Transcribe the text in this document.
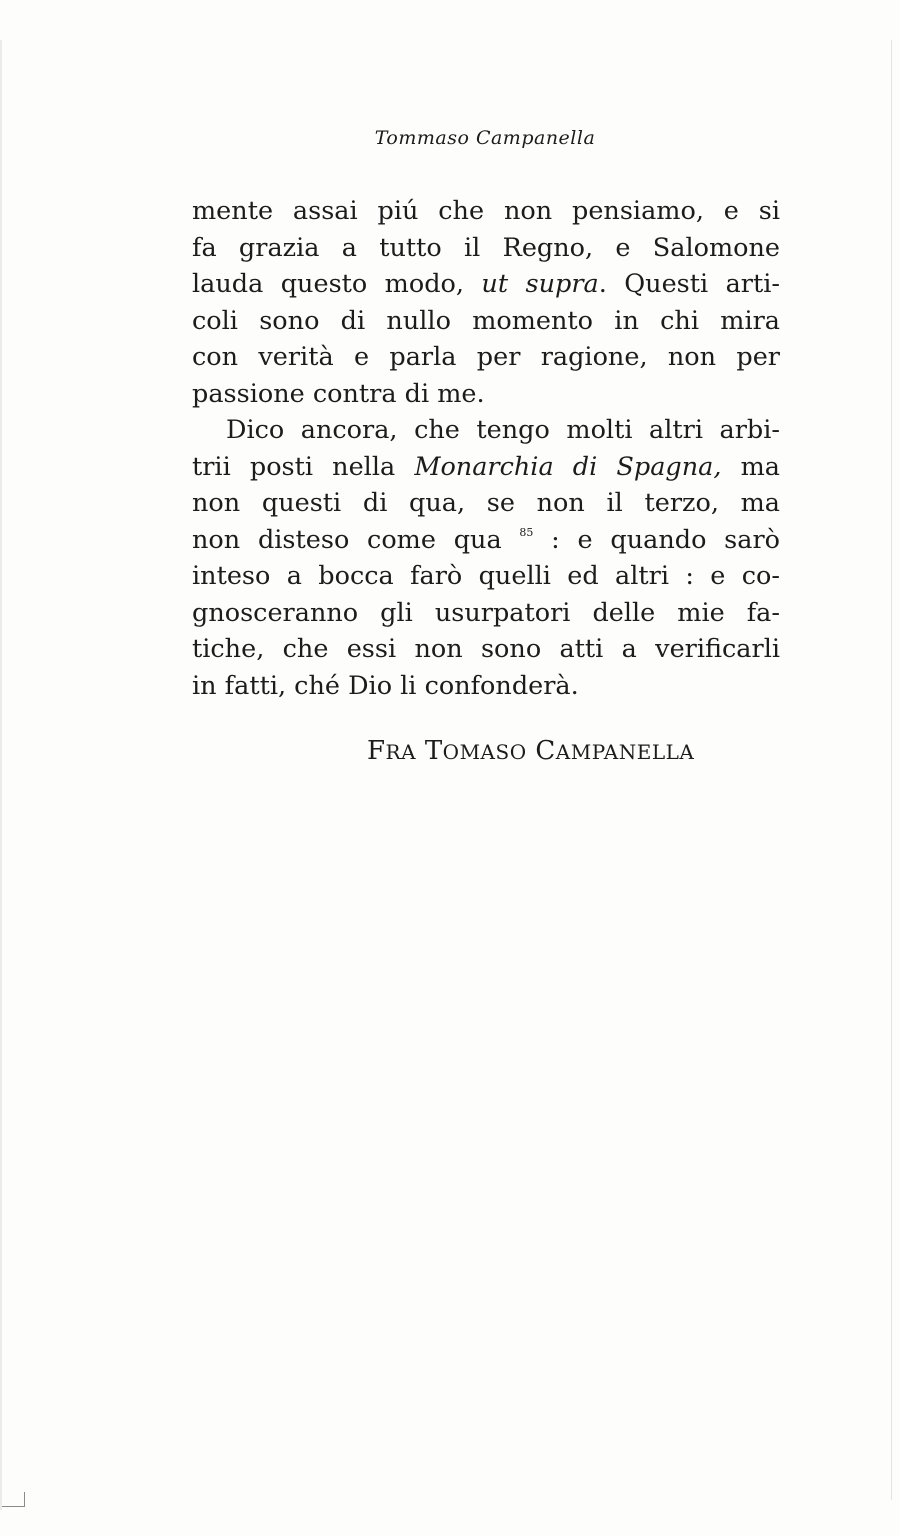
Tommaso Campanella
mente assai piú che non pensiamo, e si
fa grazia a tutto il Regno, e Salomone
lauda questo modo, ut supra. Questi arti-
coli sono di nullo momento in chi mira
con verità e parla per ragione, non per
passione contra di me.
Dico ancora, che tengo molti altri arbi-
trii posti nella Monarchia di Spagna, ma
non questi di qua, se non il terzo, ma
non disteso come qua $^{85}$ : e quando sarò
inteso a bocca farò quelli ed altri : e co-
gnosceranno gli usurpatori delle mie fa-
tiche, che essi non sono atti a verificarli
in fatti, ché Dio li confonderà.
FRA TOMASO CAMPANELLA
